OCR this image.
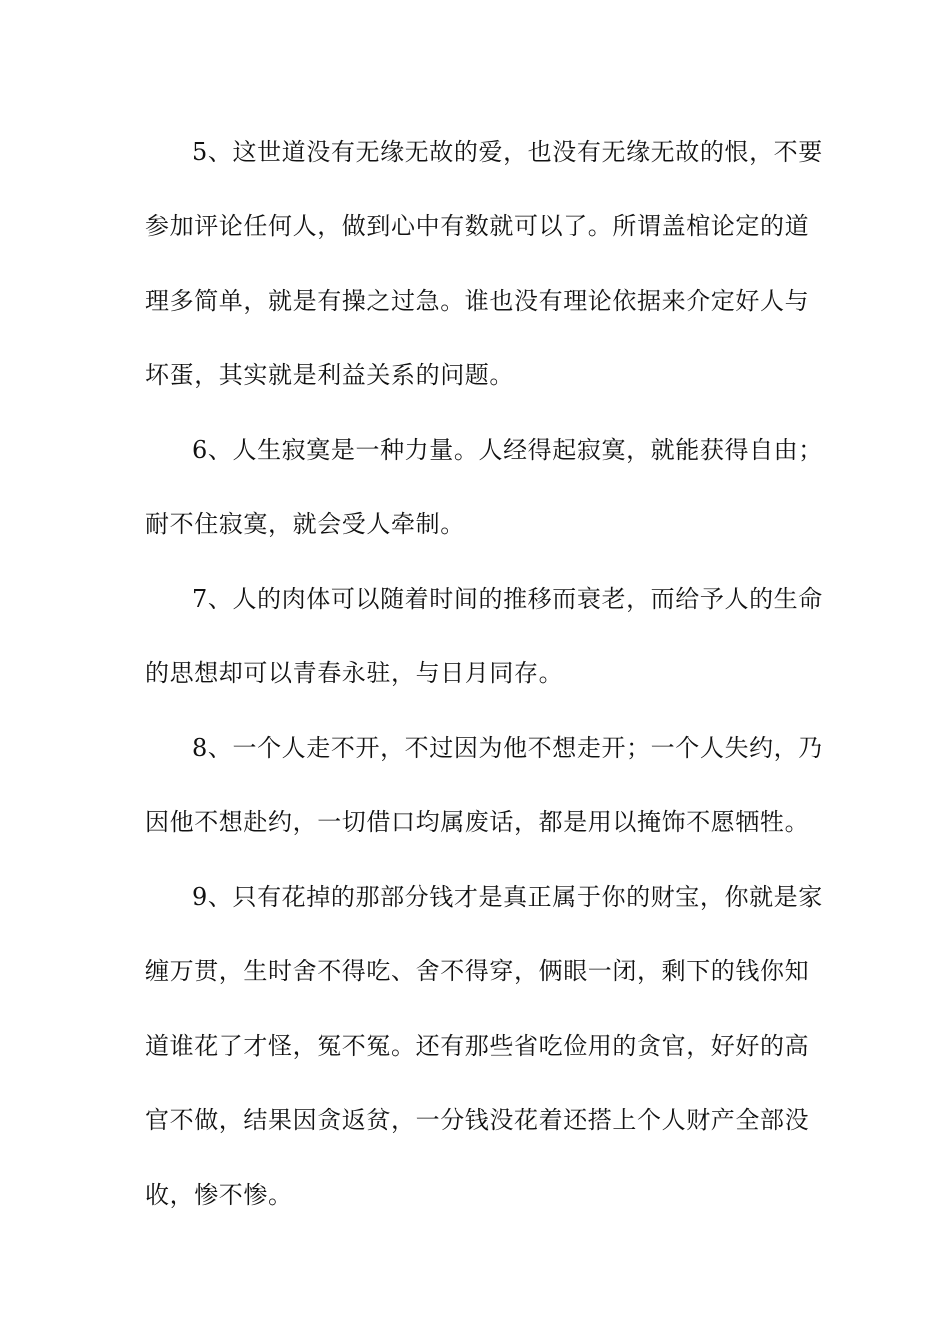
5、这世道没有无缘无故的爱，也没有无缘无故的恨，不要
参加评论任何人，做到心中有数就可以了。所谓盖棺论定的道
理多简单，就是有操之过急。谁也没有理论依据来介定好人与
坏蛋，其实就是利益关系的问题。
6、人生寂寞是一种力量。人经得起寂寞，就能获得自由；
耐不住寂寞，就会受人牵制。
7、人的肉体可以随着时间的推移而衰老，而给予人的生命
的思想却可以青春永驻，与日月同存。
8、一个人走不开，不过因为他不想走开；一个人失约，乃
因他不想赴约，一切借口均属废话，都是用以掩饰不愿牺牲。
9、只有花掉的那部分钱才是真正属于你的财宝，你就是家
缠万贯，生时舍不得吃、舍不得穿，俩眼一闭，剩下的钱你知
道谁花了才怪，冤不冤。还有那些省吃俭用的贪官，好好的高
官不做，结果因贪返贫，一分钱没花着还搭上个人财产全部没
收，惨不惨。
